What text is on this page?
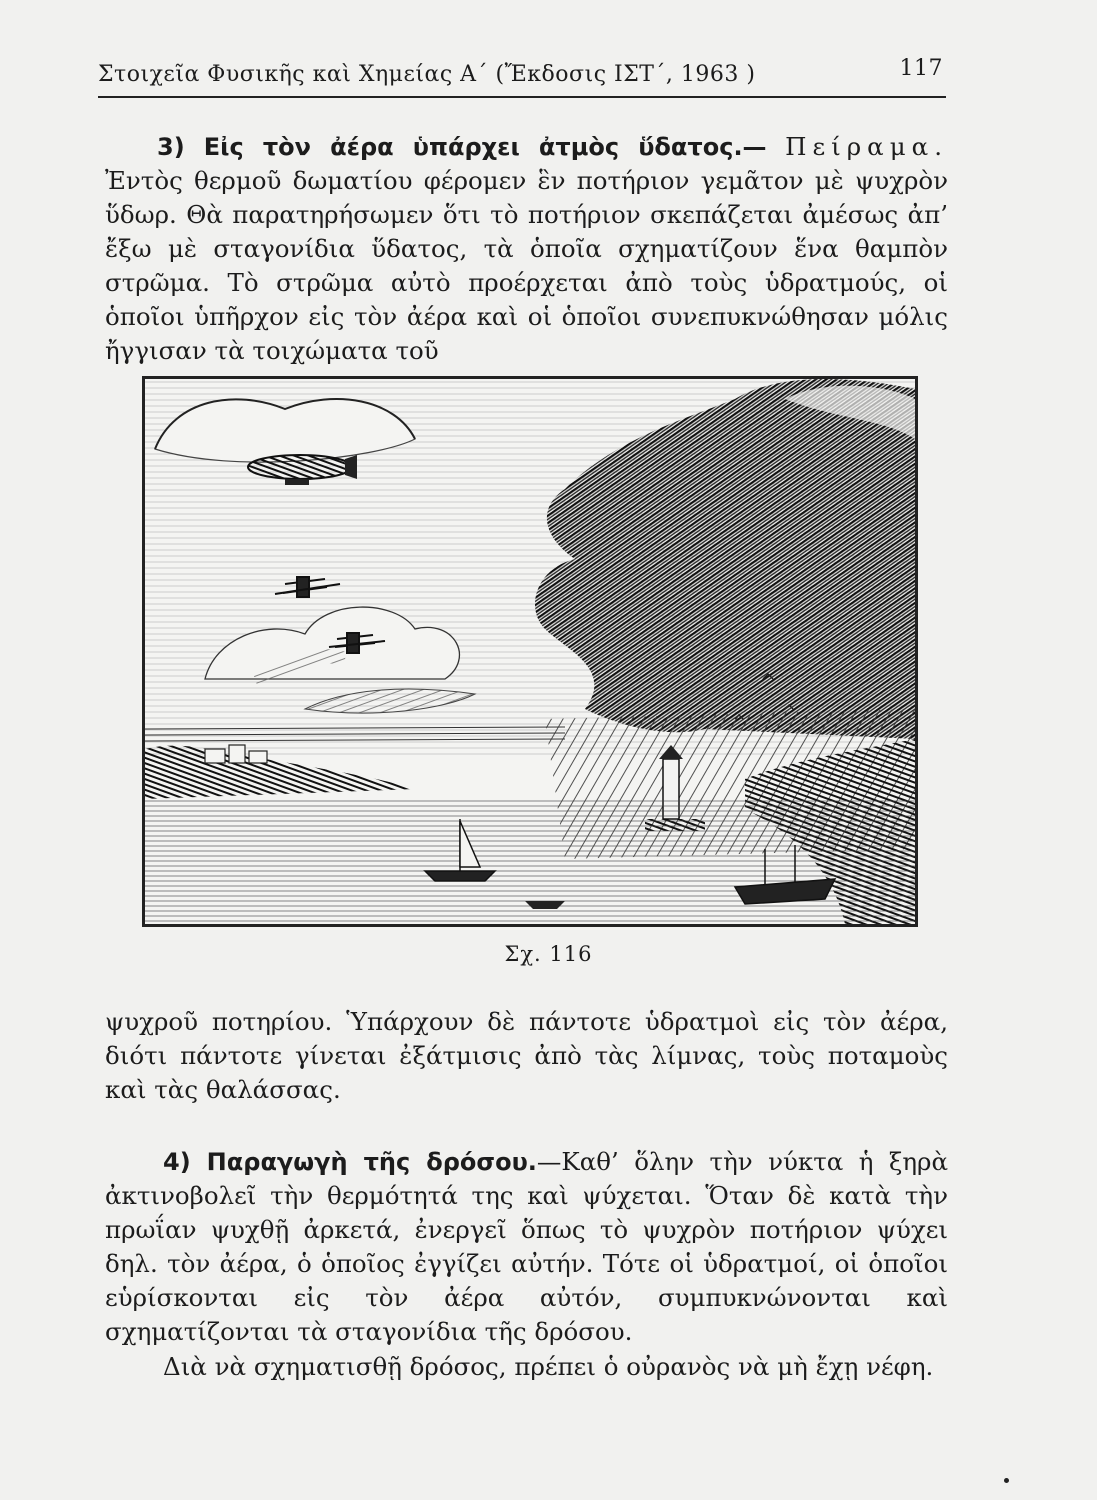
Στοιχεῖα Φυσικῆς καὶ Χημείας Α΄ (Ἔκδοσις ΙΣΤ΄, 1963 )	117
3) Εἰς τὸν ἀέρα ὑπάρχει ἀτμὸς ὕδατος.— Πείραμα. Ἐντὸς θερμοῦ δωματίου φέρομεν ἓν ποτήριον γεμᾶτον μὲ ψυχρὸν ὕδωρ. Θὰ παρατηρήσωμεν ὅτι τὸ ποτήριον σκεπάζεται ἀμέσως ἀπ’ ἔξω μὲ σταγονίδια ὕδατος, τὰ ὁποῖα σχηματίζουν ἕνα θαμπὸν στρῶμα. Τὸ στρῶμα αὐτὸ προέρχεται ἀπὸ τοὺς ὑδρατμούς, οἱ ὁποῖοι ὑπῆρχον εἰς τὸν ἀέρα καὶ οἱ ὁποῖοι συνεπυκνώθησαν μόλις ἤγγισαν τὰ τοιχώματα τοῦ
Σχ. 116
ψυχροῦ ποτηρίου. Ὑπάρχουν δὲ πάντοτε ὑδρατμοὶ εἰς τὸν ἀέρα, διότι πάντοτε γίνεται ἐξάτμισις ἀπὸ τὰς λίμνας, τοὺς ποταμοὺς καὶ τὰς θαλάσσας.
4) Παραγωγὴ τῆς δρόσου.—Καθ’ ὅλην τὴν νύκτα ἡ ξηρὰ ἀκτινοβολεῖ τὴν θερμότητά της καὶ ψύχεται. Ὅταν δὲ κατὰ τὴν πρωΐαν ψυχθῇ ἀρκετά, ἐνεργεῖ ὅπως τὸ ψυχρὸν ποτήριον ψύχει δηλ. τὸν ἀέρα, ὁ ὁποῖος ἐγγίζει αὐτήν. Τότε οἱ ὑδρατμοί, οἱ ὁποῖοι εὑρίσκονται εἰς τὸν ἀέρα αὐτόν, συμπυκνώνονται καὶ σχηματίζονται τὰ σταγονίδια τῆς δρόσου.
Διὰ νὰ σχηματισθῇ δρόσος, πρέπει ὁ οὐρανὸς νὰ μὴ ἔχῃ νέφη.
